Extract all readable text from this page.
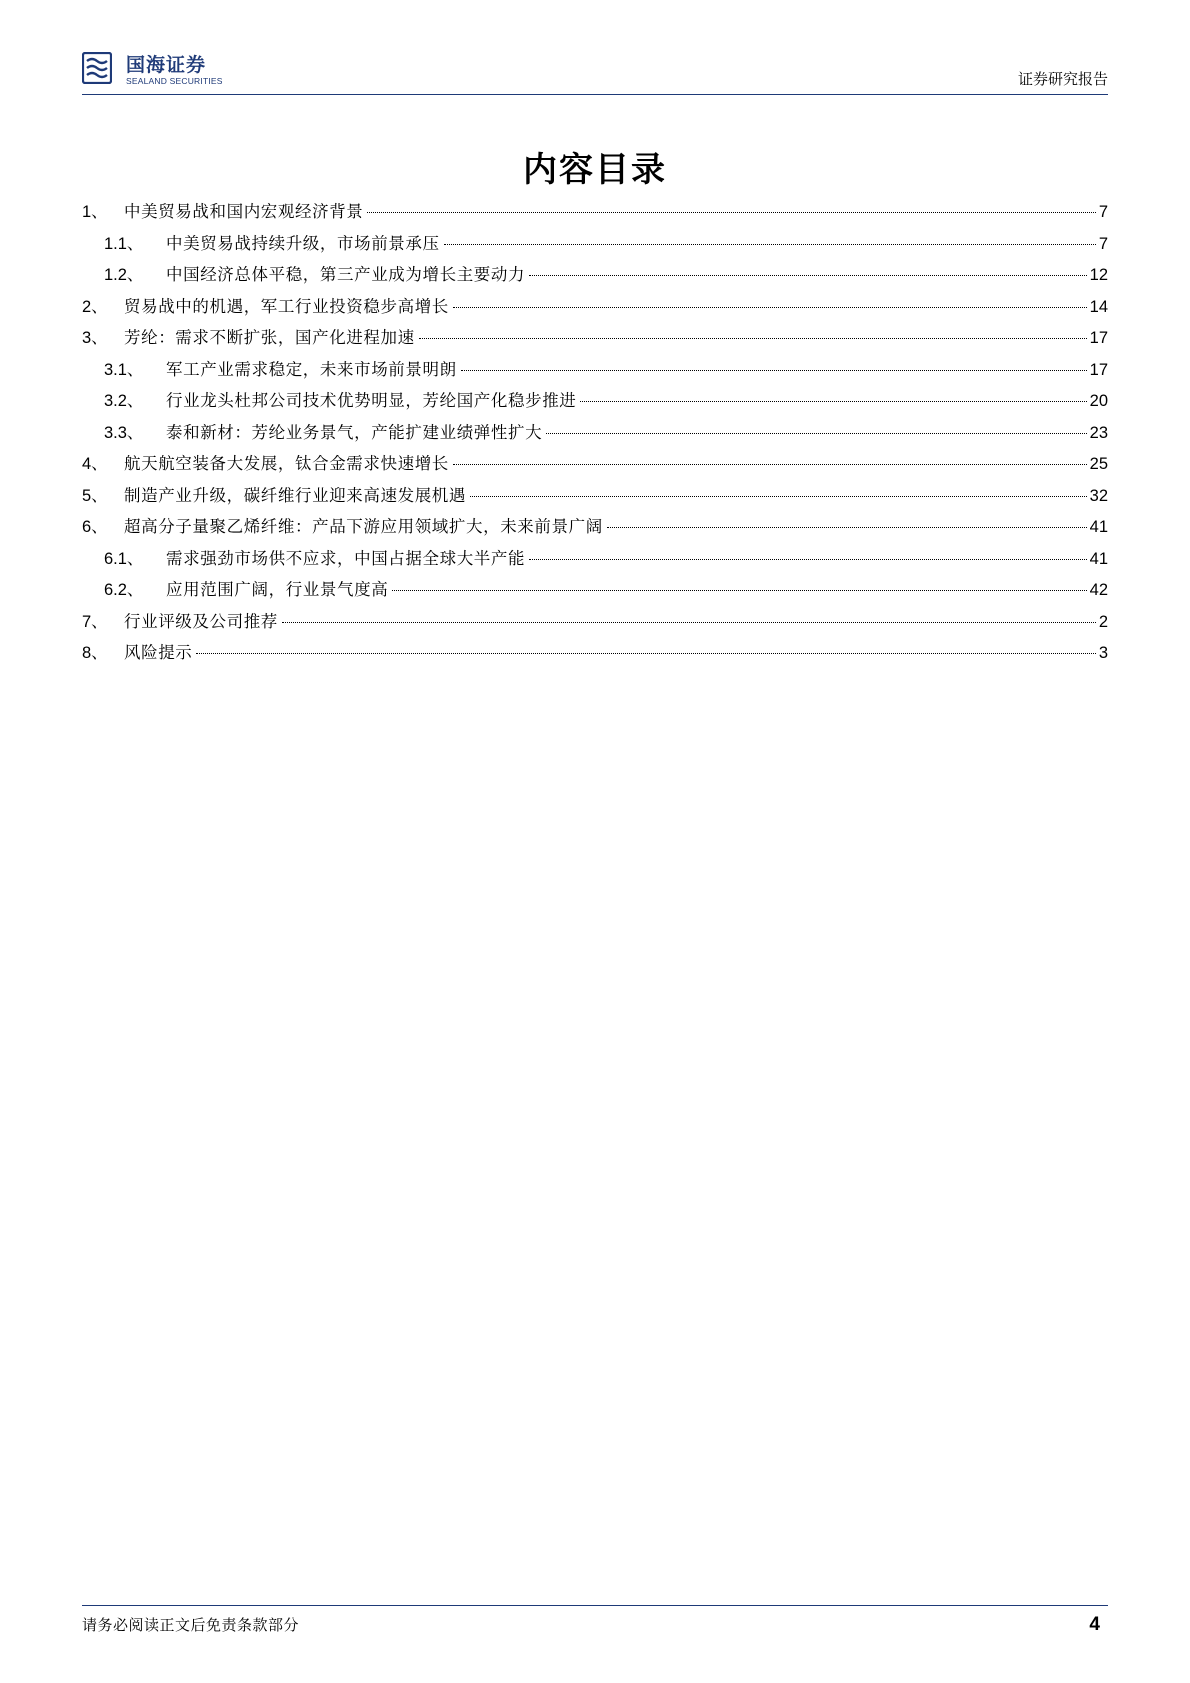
国海证券
SEALAND SECURITIES	证券研究报告
内容目录
1、 中美贸易战和国内宏观经济背景	7
1.1、	中美贸易战持续升级，市场前景承压	7
1.2、	中国经济总体平稳，第三产业成为增长主要动力	12
2、 贸易战中的机遇，军工行业投资稳步高增长	14
3、 芳纶：需求不断扩张，国产化进程加速	17
3.1、	军工产业需求稳定，未来市场前景明朗	17
3.2、	行业龙头杜邦公司技术优势明显，芳纶国产化稳步推进	20
3.3、	泰和新材：芳纶业务景气，产能扩建业绩弹性扩大	23
4、 航天航空装备大发展，钛合金需求快速增长	25
5、 制造产业升级，碳纤维行业迎来高速发展机遇	32
6、 超高分子量聚乙烯纤维：产品下游应用领域扩大，未来前景广阔	41
6.1、	需求强劲市场供不应求，中国占据全球大半产能	41
6.2、	应用范围广阔，行业景气度高	42
7、 行业评级及公司推荐	2
8、 风险提示	3
请务必阅读正文后免责条款部分	4
